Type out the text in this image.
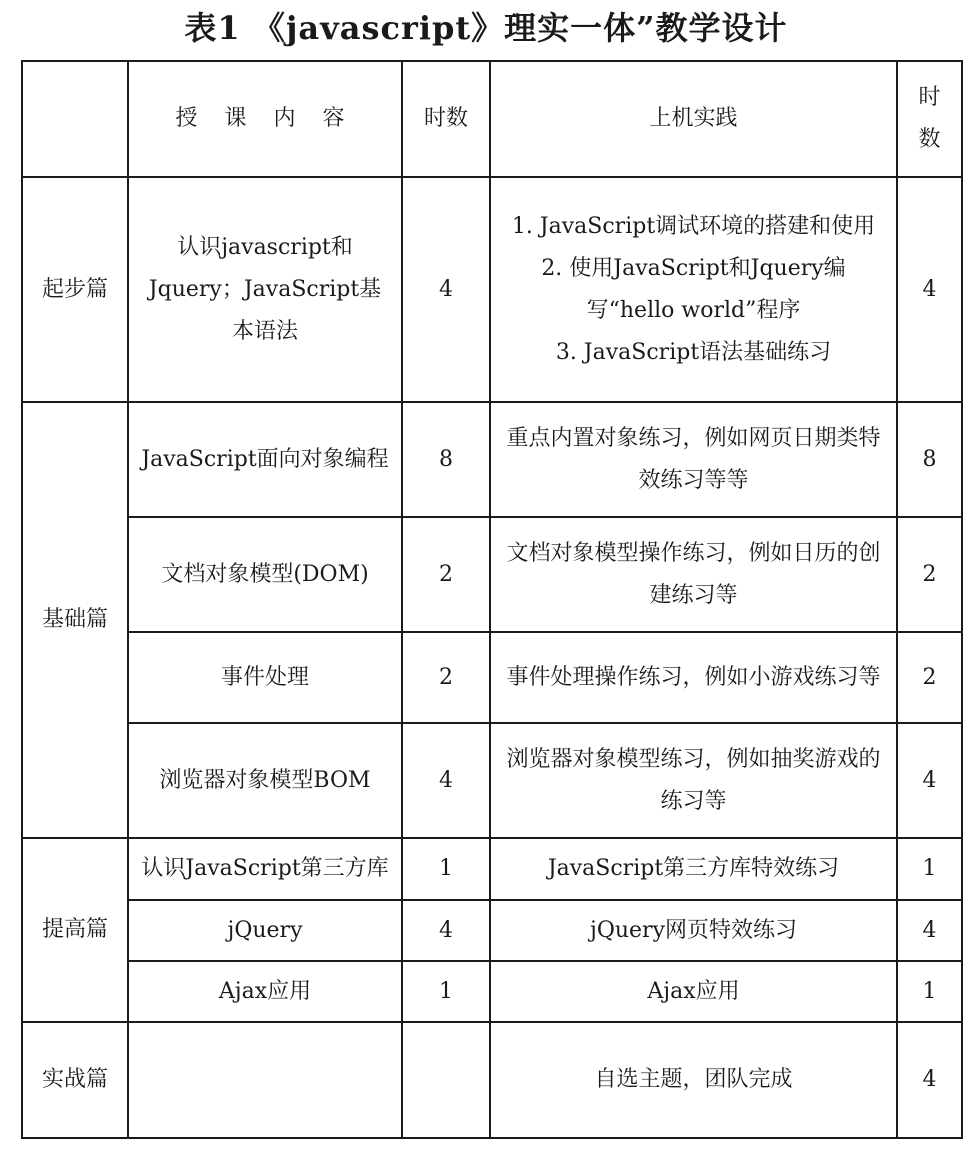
表1 《javascript》理实一体”教学设计
	授 课 内 容	时数	上机实践	时
数

起步篇	认识javascript和Jquery；JavaScript基本语法	4	1. JavaScript调试环境的搭建和使用
2. 使用JavaScript和Jquery编写“hello world”程序
3. JavaScript语法基础练习	4
基础篇	JavaScript面向对象编程	8	重点内置对象练习，例如网页日期类特效练习等等	8
	文档对象模型(DOM)	2	文档对象模型操作练习，例如日历的创建练习等	2
	事件处理	2	事件处理操作练习，例如小游戏练习等	2
	浏览器对象模型BOM	4	浏览器对象模型练习，例如抽奖游戏的练习等	4
提高篇	认识JavaScript第三方库	1	JavaScript第三方库特效练习	1
	jQuery	4	jQuery网页特效练习	4
	Ajax应用	1	Ajax应用	1
实战篇			自选主题，团队完成	4
